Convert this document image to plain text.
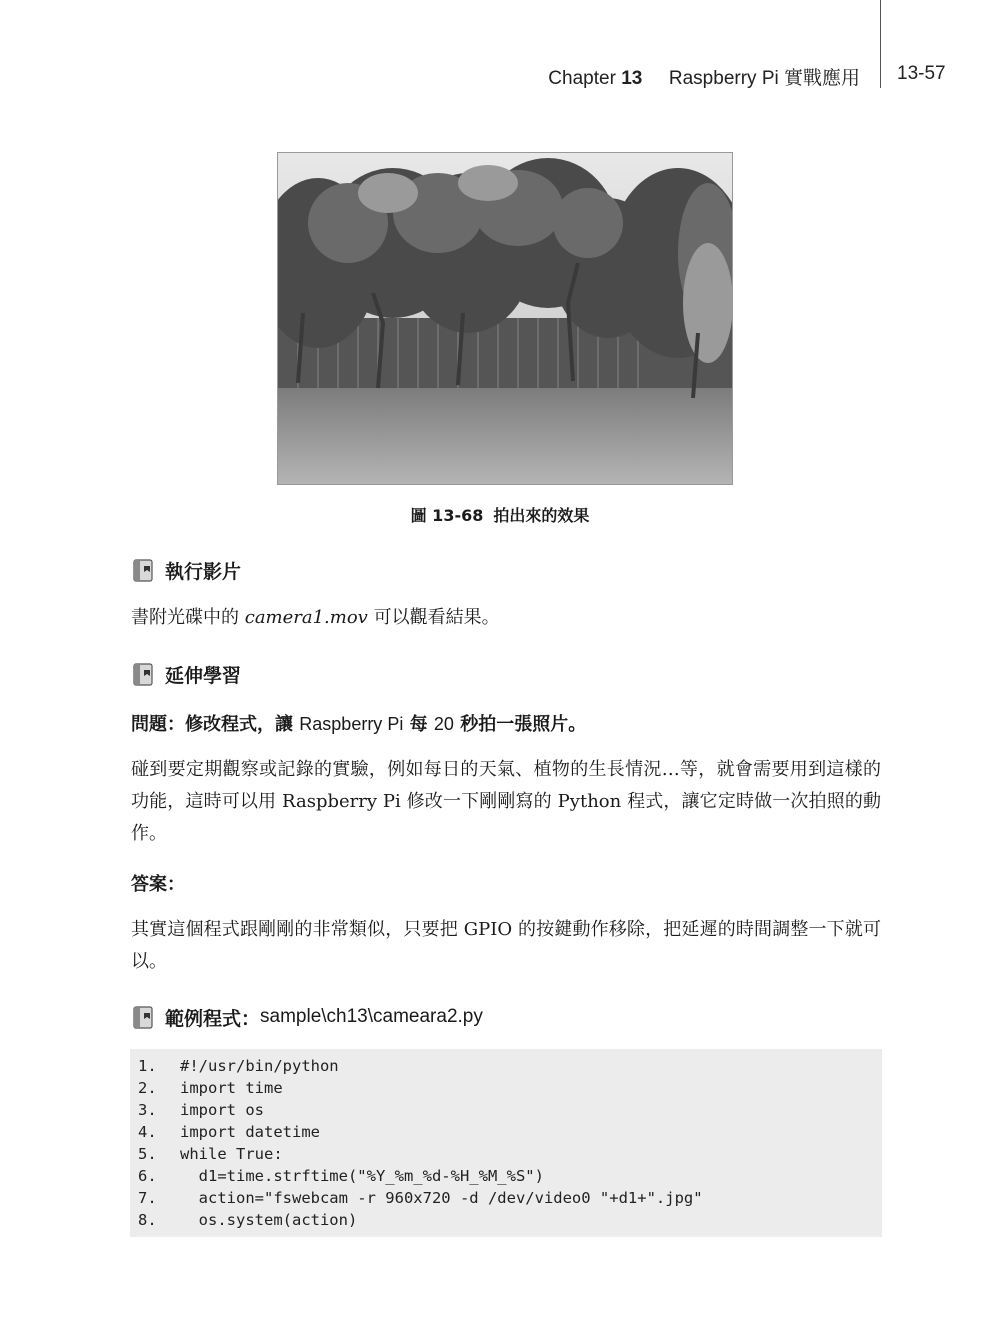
Chapter 13 Raspberry Pi 實戰應用 13-57
圖 13-68 拍出來的效果
執行影片
書附光碟中的 camera1.mov 可以觀看結果。
延伸學習
問題：修改程式，讓 Raspberry Pi 每 20 秒拍一張照片。
碰到要定期觀察或記錄的實驗，例如每日的天氣、植物的生長情況…等，就會需要用到這樣的功能，這時可以用 Raspberry Pi 修改一下剛剛寫的 Python 程式，讓它定時做一次拍照的動作。
答案：
其實這個程式跟剛剛的非常類似，只要把 GPIO 的按鍵動作移除，把延遲的時間調整一下就可以。
範例程式： sample\ch13\cameara2.py
1.	#!/usr/bin/python
2.	import time
3.	import os
4.	import datetime
5.	while True:
6.	d1=time.strftime("%Y_%m_%d-%H_%M_%S")
7.	action="fswebcam -r 960x720 -d /dev/video0 "+d1+".jpg"
8.	os.system(action)
